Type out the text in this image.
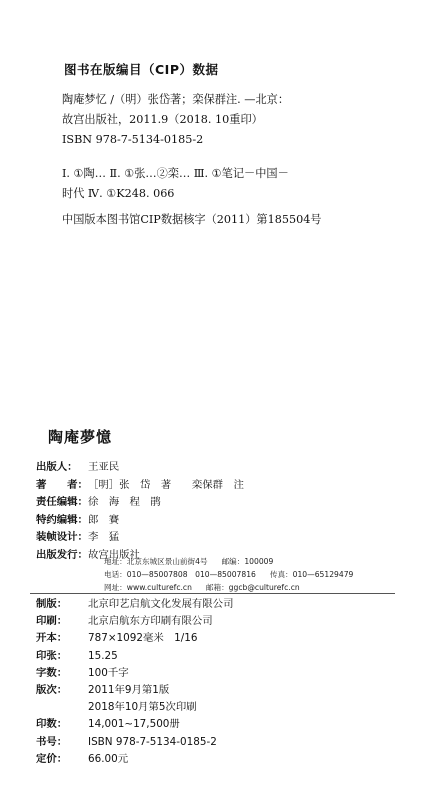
图书在版编目（CIP）数据
陶庵梦忆 /（明）张岱著；栾保群注. —北京：
故宫出版社，2011.9（2018. 10重印）
ISBN 978-7-5134-0185-2
Ⅰ. ①陶… Ⅱ. ①张…②栾… Ⅲ. ①笔记－中国－
时代 Ⅳ. ①K248. 066
中国版本图书馆CIP数据核字（2011）第185504号
陶庵夢憶
出版人：	王亚民
著　　者： ［明］张　岱　著　　栾保群　注
责任编辑： 徐　海　程　鹃
特约编辑： 郎　賽
装帧设计： 李　猛
出版发行： 故宫出版社
地址：北京东城区景山前街4号 邮编：100009
电话：010—85007808　010—85007816 传真：010—65129479
网址：www.culturefc.cn 邮箱：ggcb@culturefc.cn
制版：	北京印艺启航文化发展有限公司
印刷：	北京启航东方印刷有限公司
开本：	787×1092毫米　1/16
印张：	15.25
字数：	100千字
版次：	2011年9月第1版
2018年10月第5次印刷
印数：	14,001~17,500册
书号：	ISBN 978-7-5134-0185-2
定价：	66.00元
